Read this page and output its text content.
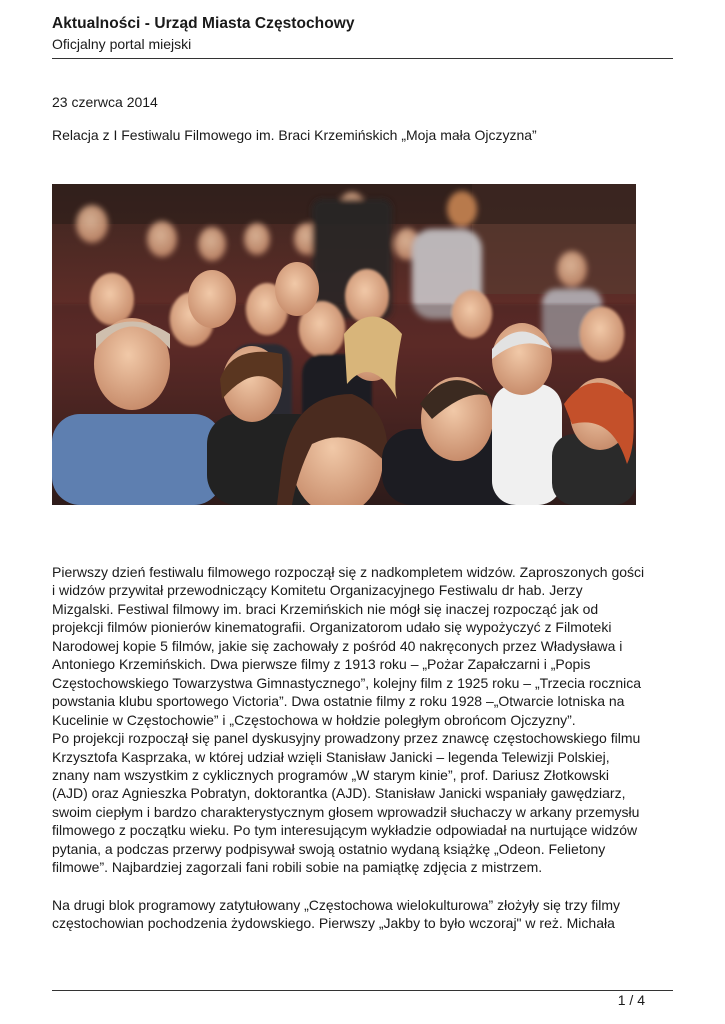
Aktualności - Urząd Miasta Częstochowy
Oficjalny portal miejski
23 czerwca 2014
Relacja z I Festiwalu Filmowego im. Braci Krzemińskich „Moja mała Ojczyzna”
Pierwszy dzień festiwalu filmowego rozpoczął się z nadkompletem widzów. Zaproszonych gości
i widzów przywitał przewodniczący Komitetu Organizacyjnego Festiwalu dr hab. Jerzy
Mizgalski. Festiwal filmowy im. braci Krzemińskich nie mógł się inaczej rozpocząć jak od
projekcji filmów pionierów kinematografii. Organizatorom udało się wypożyczyć z Filmoteki
Narodowej kopie 5 filmów, jakie się zachowały z pośród 40 nakręconych przez Władysława i
Antoniego Krzemińskich. Dwa pierwsze filmy z 1913 roku – „Pożar Zapałczarni i „Popis
Częstochowskiego Towarzystwa Gimnastycznego”, kolejny film z 1925 roku – „Trzecia rocznica
powstania klubu sportowego Victoria”. Dwa ostatnie filmy z roku 1928 –„Otwarcie lotniska na
Kucelinie w Częstochowie” i „Częstochowa w hołdzie poległym obrońcom Ojczyzny”.
Po projekcji rozpoczął się panel dyskusyjny prowadzony przez znawcę częstochowskiego filmu
Krzysztofa Kasprzaka, w której udział wzięli Stanisław Janicki – legenda Telewizji Polskiej,
znany nam wszystkim z cyklicznych programów „W starym kinie”, prof. Dariusz Złotkowski
(AJD) oraz Agnieszka Pobratyn, doktorantka (AJD). Stanisław Janicki wspaniały gawędziarz,
swoim ciepłym i bardzo charakterystycznym głosem wprowadził słuchaczy w arkany przemysłu
filmowego z początku wieku. Po tym interesującym wykładzie odpowiadał na nurtujące widzów
pytania, a podczas przerwy podpisywał swoją ostatnio wydaną książkę „Odeon. Felietony
filmowe”. Najbardziej zagorzali fani robili sobie na pamiątkę zdjęcia z mistrzem.
Na drugi blok programowy zatytułowany „Częstochowa wielokulturowa” złożyły się trzy filmy
częstochowian pochodzenia żydowskiego. Pierwszy „Jakby to było wczoraj" w reż. Michała
1 / 4
